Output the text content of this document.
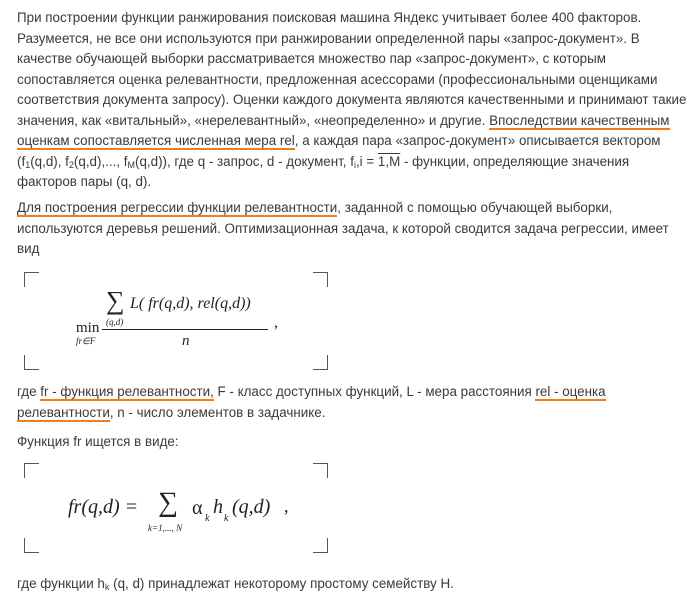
При построении функции ранжирования поисковая машина Яндекс учитывает более 400 факторов. Разумеется, не все они используются при ранжировании определенной пары «запрос-документ». В качестве обучающей выборки рассматривается множество пар «запрос-документ», с которым сопоставляется оценка релевантности, предложенная асессорами (профессиональными оценщиками соответствия документа запросу). Оценки каждого документа являются качественными и принимают такие значения, как «витальный», «нерелевантный», «неопределенно» и другие. Впоследствии качественным оценкам сопоставляется численная мера rel, а каждая пара «запрос-документ» описывается вектором ($f_1(q,d)$, $f_2(q,d)$,..., $f_M(q,d)$), где q - запрос, d - документ, $f_i,i = 1,M$ - функции, определяющие значения факторов пары (q, d).
Для построения регрессии функции релевантности, заданной с помощью обучающей выборки, используются деревья решений. Оптимизационная задача, к которой сводится задача регрессии, имеет вид
min
fr∈F
∑
(q,d)
L( fr(q,d), rel(q,d))
n
,
где fr - функция релевантности, F - класс доступных функций, L - мера расстояния rel - оценка релевантности, n - число элементов в задачнике.
Функция fr ищется в виде:
fr(q,d) = ∑
k=1,..., N
α k
h
k
(q,d) ,
где функции $h_k$ (q, d) принадлежат некоторому простому семейству H.
